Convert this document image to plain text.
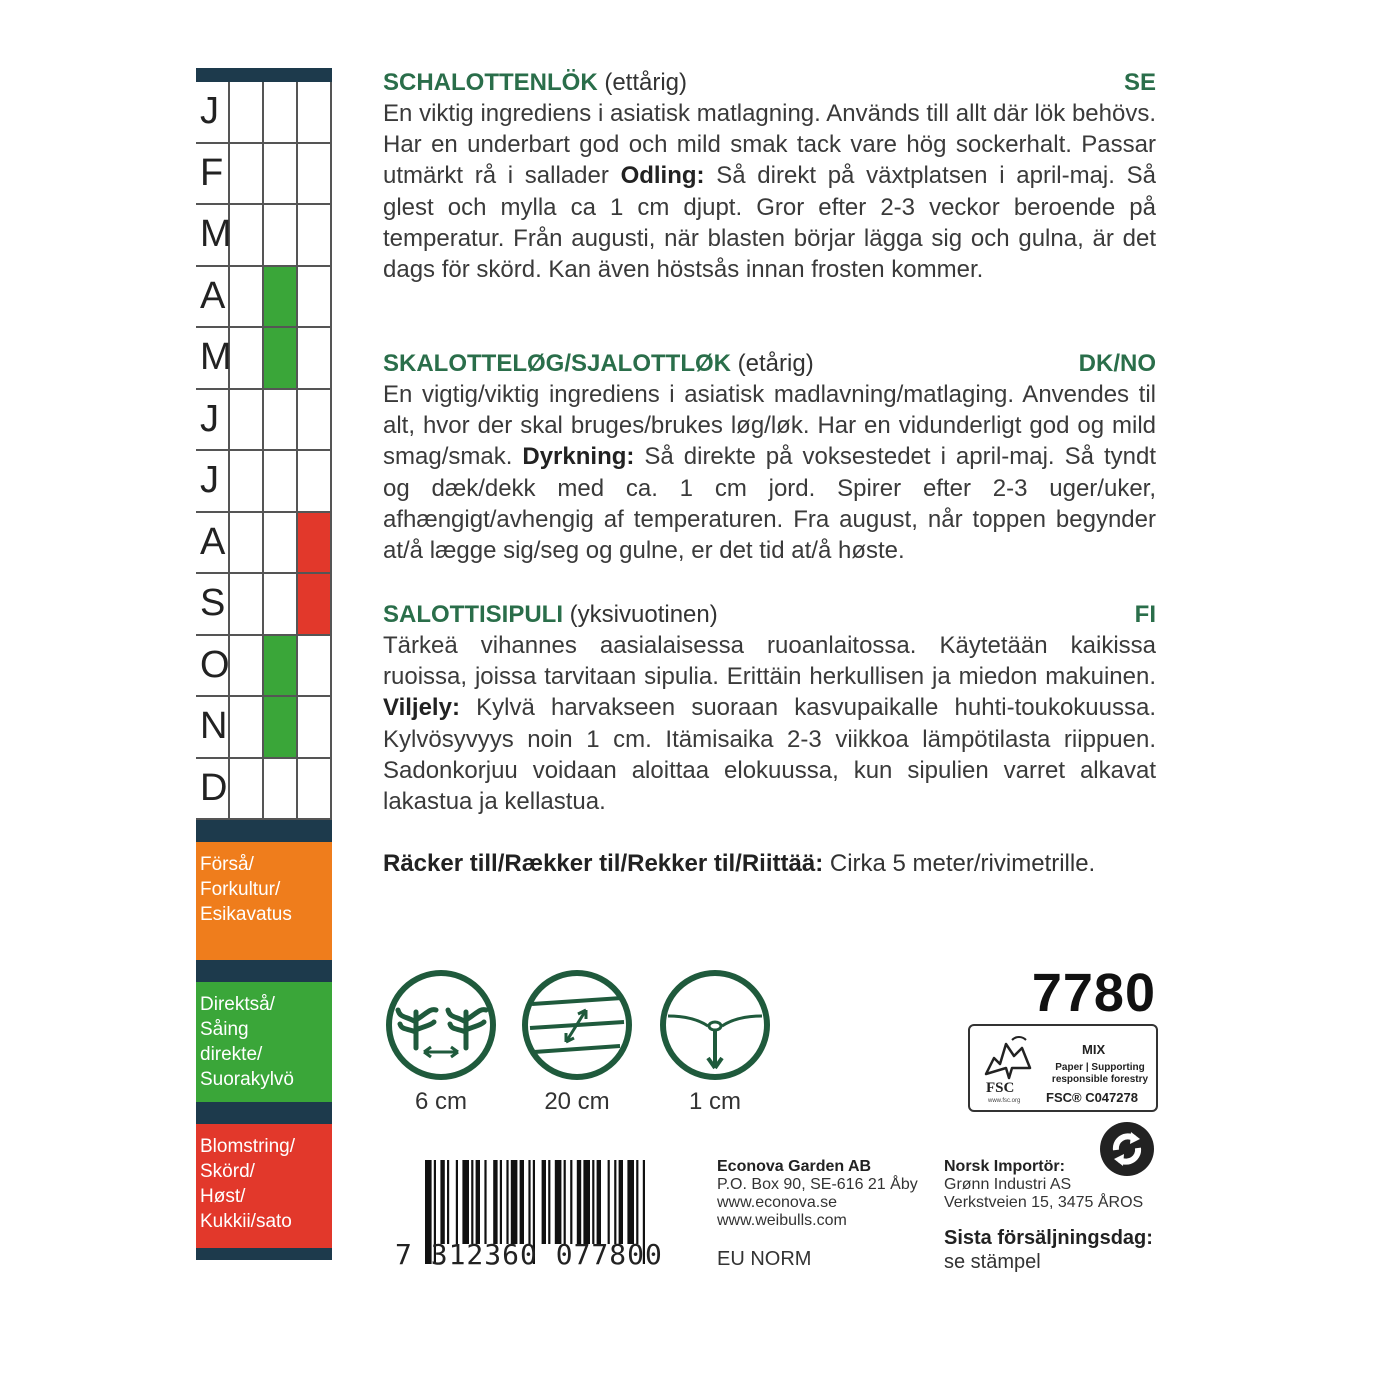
J
F
M
A
M
J
J
A
S
O
N
D
Förså/
Forkultur/
Esikavatus
Direktså/
Såing
direkte/
Suorakylvö
Blomstring/
Skörd/
Høst/
Kukkii/sato
SCHALOTTENLÖK (ettårig)	SE
En viktig ingrediens i asiatisk matlagning. Används till allt där lök behövs. Har en underbart god och mild smak tack vare hög sockerhalt. Passar utmärkt rå i sallader Odling: Så direkt på växtplatsen i april-maj. Så glest och mylla ca 1 cm djupt. Gror efter 2-3 veckor beroende på temperatur. Från augusti, när blasten börjar lägga sig och gulna, är det dags för skörd. Kan även höstsås innan frosten kommer.
SKALOTTELØG/SJALOTTLØK (etårig)	DK/NO
En vigtig/viktig ingrediens i asiatisk madlavning/matlaging. Anvendes til alt, hvor der skal bruges/brukes løg/løk. Har en vidunderligt god og mild smag/smak. Dyrkning: Så direkte på voksestedet i april-maj. Så tyndt og dæk/dekk med ca. 1 cm jord. Spirer efter 2-3 uger/uker, afhængigt/avhengig af temperaturen. Fra august, når toppen begynder at/å lægge sig/seg og gulne, er det tid at/å høste.
SALOTTISIPULI (yksivuotinen)	FI
Tärkeä vihannes aasialaisessa ruoanlaitossa. Käytetään kaikissa ruoissa, joissa tarvitaan sipulia. Erittäin herkullisen ja miedon makuinen. Viljely: Kylvä harvakseen suoraan kasvupaikalle huhti-toukokuussa. Kylvösyvyys noin 1 cm. Itämisaika 2-3 viikkoa lämpötilasta riippuen. Sadonkorjuu voidaan aloittaa elokuussa, kun sipulien varret alkavat lakastua ja kellastua.
Räcker till/Rækker til/Rekker til/Riittää: Cirka 5 meter/rivimetrille.
6 cm	20 cm	1 cm
7780
FSC
www.fsc.org
MIX
Paper | Supporting
responsible forestry
FSC® C047278
7 312360 077800
Econova Garden AB
P.O. Box 90, SE-616 21 Åby
www.econova.se
www.weibulls.com
EU NORM
Norsk Importör:
Grønn Industri AS
Verkstveien 15, 3475 ÅROS
Sista försäljningsdag:
se stämpel
